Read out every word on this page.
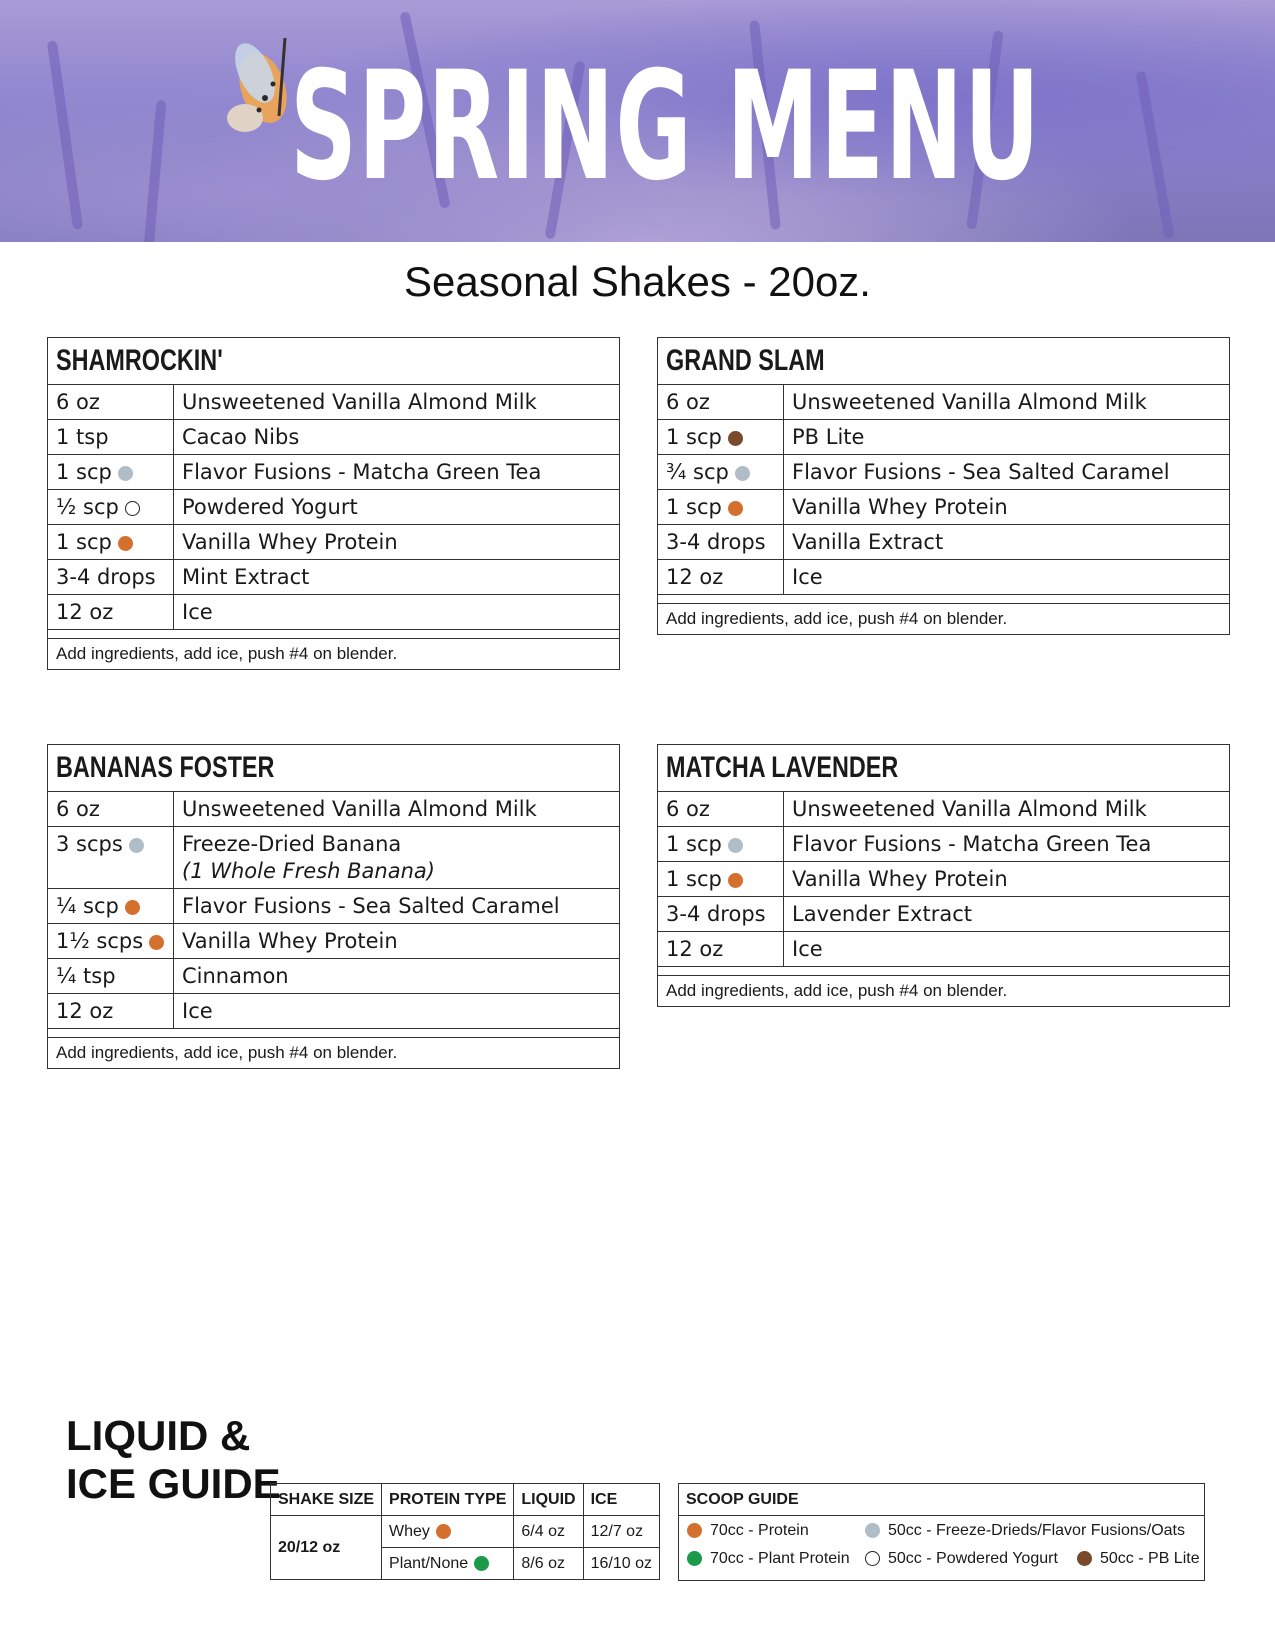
SPRING MENU
Seasonal Shakes - 20oz.
SHAMROCKIN'
6 oz	Unsweetened Vanilla Almond Milk
1 tsp	Cacao Nibs
1 scp	Flavor Fusions - Matcha Green Tea
½ scp	Powdered Yogurt
1 scp	Vanilla Whey Protein
3-4 drops	Mint Extract
12 oz	Ice

Add ingredients, add ice, push #4 on blender.
GRAND SLAM
6 oz	Unsweetened Vanilla Almond Milk
1 scp	PB Lite
¾ scp	Flavor Fusions - Sea Salted Caramel
1 scp	Vanilla Whey Protein
3-4 drops	Vanilla Extract
12 oz	Ice

Add ingredients, add ice, push #4 on blender.
BANANAS FOSTER
6 oz	Unsweetened Vanilla Almond Milk
3 scps	Freeze-Dried Banana
(1 Whole Fresh Banana)

¼ scp	Flavor Fusions - Sea Salted Caramel
1½ scps	Vanilla Whey Protein
¼ tsp	Cinnamon
12 oz	Ice

Add ingredients, add ice, push #4 on blender.
MATCHA LAVENDER
6 oz	Unsweetened Vanilla Almond Milk
1 scp	Flavor Fusions - Matcha Green Tea
1 scp	Vanilla Whey Protein
3-4 drops	Lavender Extract
12 oz	Ice

Add ingredients, add ice, push #4 on blender.
LIQUID &
ICE GUIDE
SHAKE SIZE	PROTEIN TYPE	LIQUID	ICE
20/12 oz	Whey	6/4 oz	12/7 oz
	Plant/None	8/6 oz	16/10 oz
SCOOP GUIDE
70cc - Protein	50cc - Freeze-Drieds/Flavor Fusions/Oats
70cc - Plant Protein	50cc - Powdered Yogurt	50cc - PB Lite
